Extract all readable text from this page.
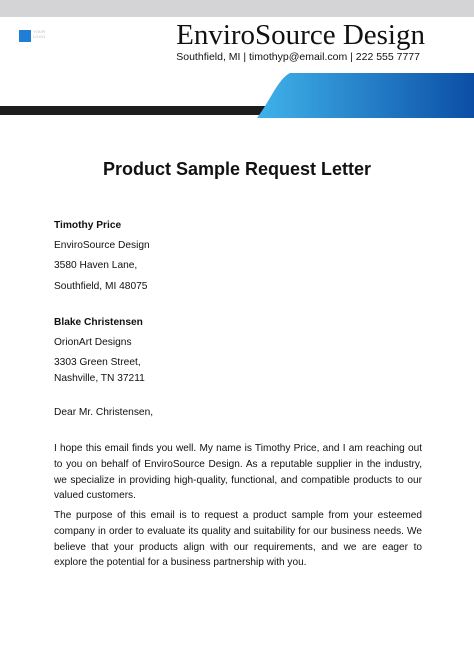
YOUR LOGO	EnviroSource Design
Southfield, MI | timothyp@email.com | 222 555 7777
Product Sample Request Letter
Timothy Price
EnviroSource Design
3580 Haven Lane,
Southfield, MI 48075
Blake Christensen
OrionArt Designs
3303 Green Street,
Nashville, TN 37211
Dear Mr. Christensen,
I hope this email finds you well. My name is Timothy Price, and I am reaching out to you on behalf of EnviroSource Design. As a reputable supplier in the industry, we specialize in providing high-quality, functional, and compatible products to our valued customers.
The purpose of this email is to request a product sample from your esteemed company in order to evaluate its quality and suitability for our business needs. We believe that your products align with our requirements, and we are eager to explore the potential for a business partnership with you.
